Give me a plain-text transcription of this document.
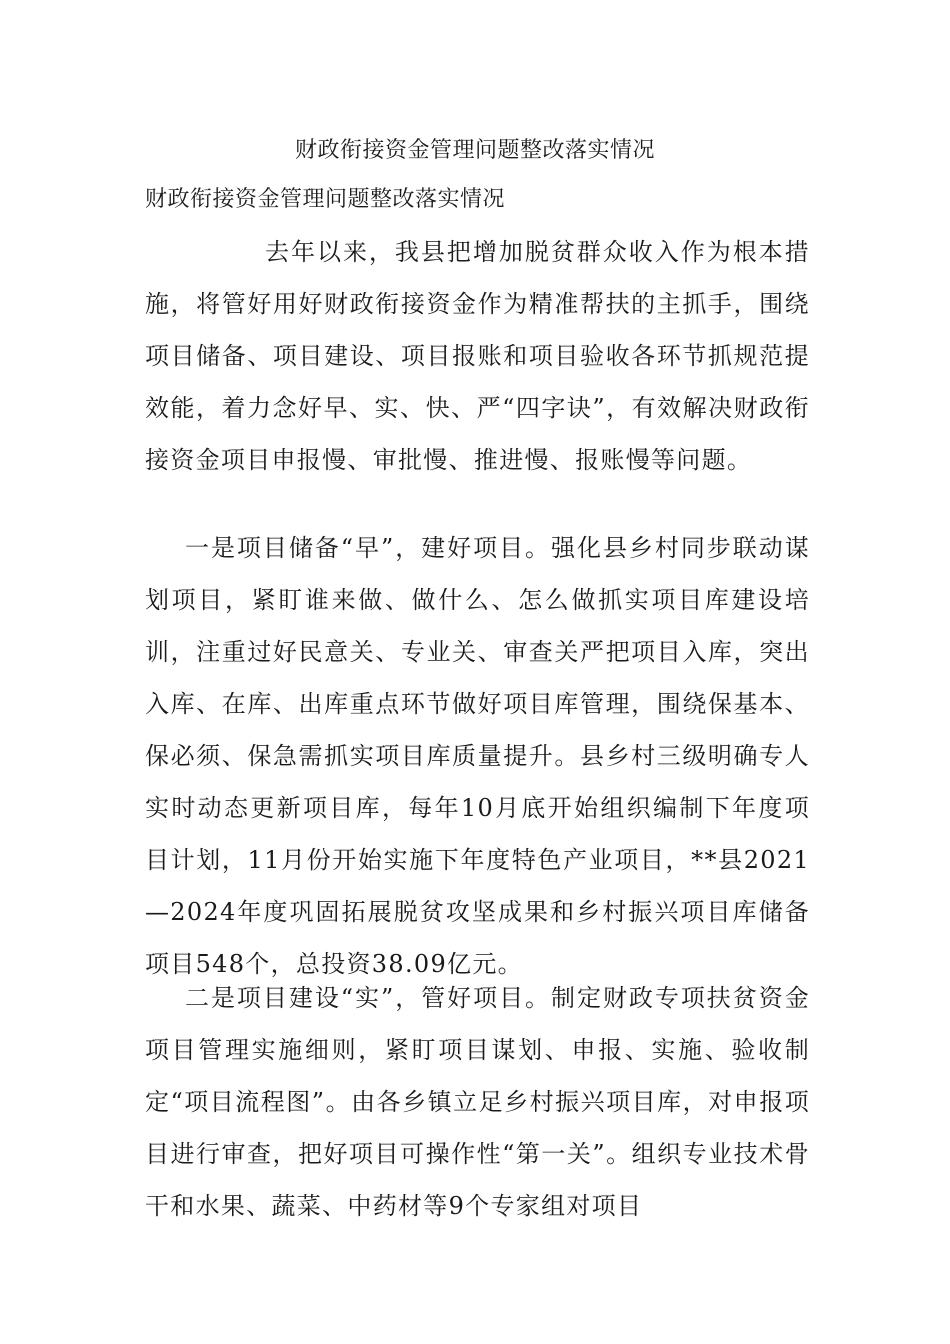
财政衔接资金管理问题整改落实情况
财政衔接资金管理问题整改落实情况
去年以来，我县把增加脱贫群众收入作为根本措施，将管好用好财政衔接资金作为精准帮扶的主抓手，围绕项目储备、项目建设、项目报账和项目验收各环节抓规范提效能，着力念好早、实、快、严“四字诀”，有效解决财政衔接资金项目申报慢、审批慢、推进慢、报账慢等问题。
一是项目储备“早”，建好项目。强化县乡村同步联动谋划项目，紧盯谁来做、做什么、怎么做抓实项目库建设培训，注重过好民意关、专业关、审查关严把项目入库，突出入库、在库、出库重点环节做好项目库管理，围绕保基本、保必须、保急需抓实项目库质量提升。县乡村三级明确专人实时动态更新项目库，每年10月底开始组织编制下年度项目计划，11月份开始实施下年度特色产业项目，**县2021—2024年度巩固拓展脱贫攻坚成果和乡村振兴项目库储备项目548个，总投资38.09亿元。
二是项目建设“实”，管好项目。制定财政专项扶贫资金项目管理实施细则，紧盯项目谋划、申报、实施、验收制定“项目流程图”。由各乡镇立足乡村振兴项目库，对申报项目进行审查，把好项目可操作性“第一关”。组织专业技术骨干和水果、蔬菜、中药材等9个专家组对项目
